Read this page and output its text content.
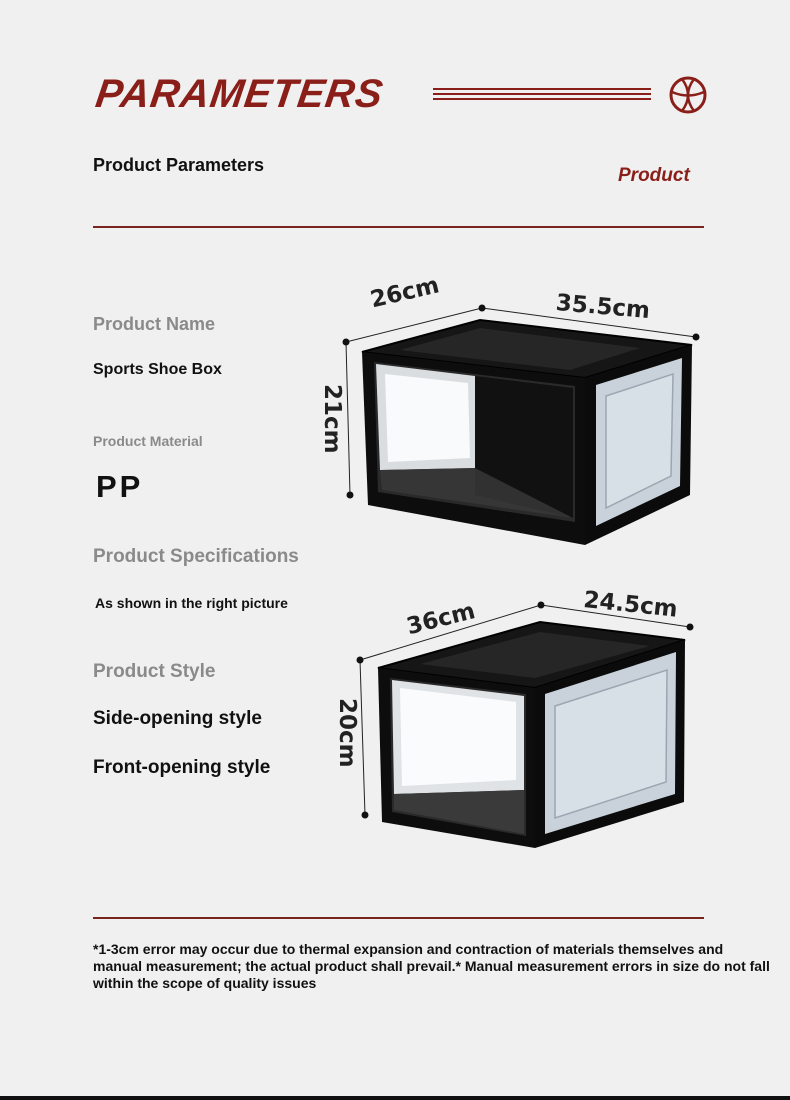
PARAMETERS
Product Parameters	Product
Product Name
Sports Shoe Box
Product Material
PP
Product Specifications
As shown in the right picture
Product Style
Side-opening style
Front-opening style
26cm	35.5cm
21cm
36cm	24.5cm
20cm
*1-3cm error may occur due to thermal expansion and contraction of materials themselves and manual measurement; the actual product shall prevail.* Manual measurement errors in size do not fall within the scope of quality issues
